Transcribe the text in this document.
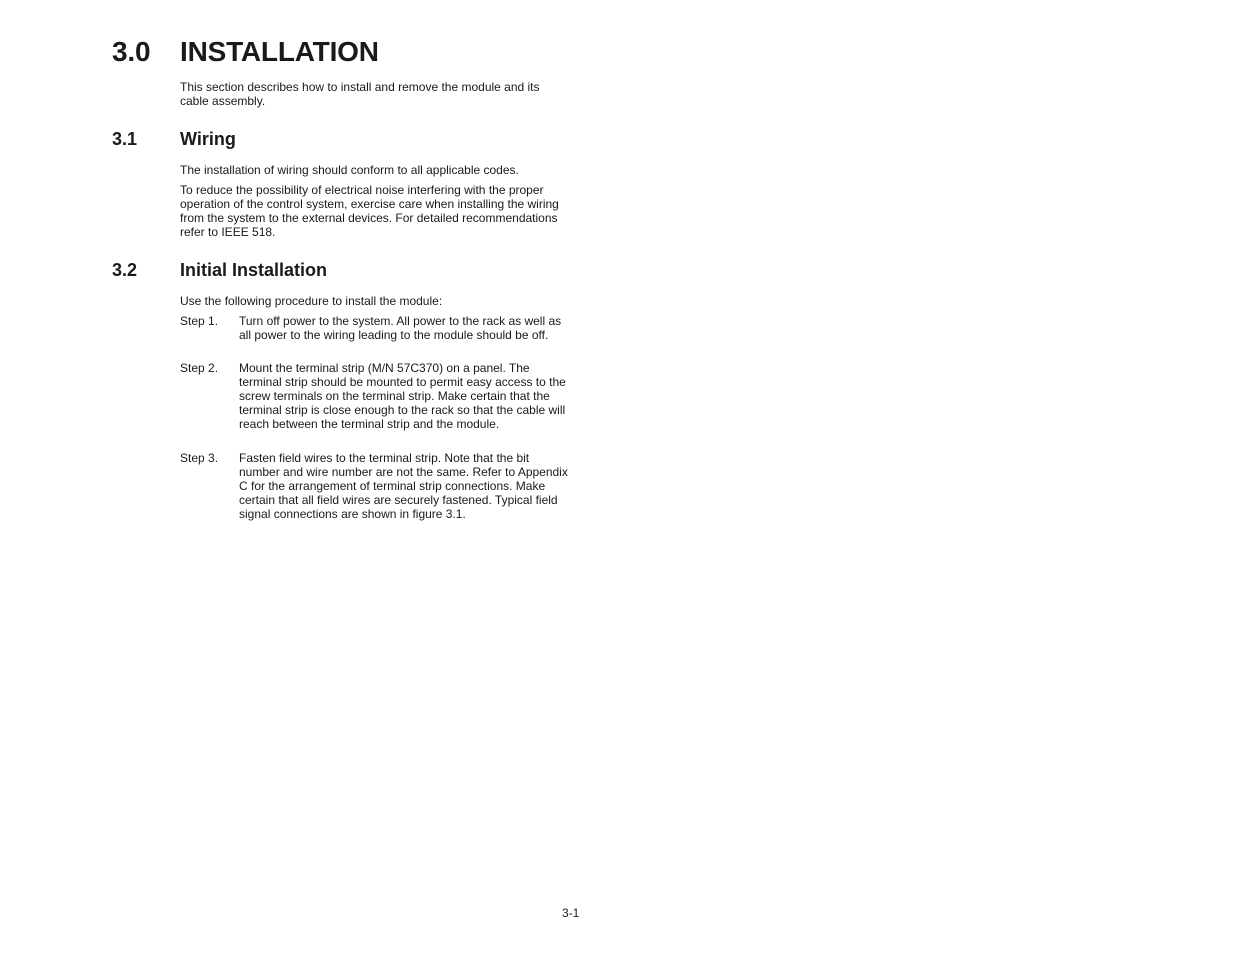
3.0 INSTALLATION

This section describes how to install and remove the module and its cable assembly.

3.1 Wiring

The installation of wiring should conform to all applicable codes.

To reduce the possibility of electrical noise interfering with the proper operation of the control system, exercise care when installing the wiring from the system to the external devices. For detailed recommendations refer to IEEE 518.

3.2 Initial Installation

Use the following procedure to install the module:

Step 1. Turn off power to the system. All power to the rack as well as all power to the wiring leading to the module should be off.
Step 2. Mount the terminal strip (M/N 57C370) on a panel. The terminal strip should be mounted to permit easy access to the screw terminals on the terminal strip. Make certain that the terminal strip is close enough to the rack so that the cable will reach between the terminal strip and the module.
Step 3. Fasten field wires to the terminal strip. Note that the bit number and wire number are not the same. Refer to Appendix C for the arrangement of terminal strip connections. Make certain that all field wires are securely fastened. Typical field signal connections are shown in figure 3.1.
3-1
